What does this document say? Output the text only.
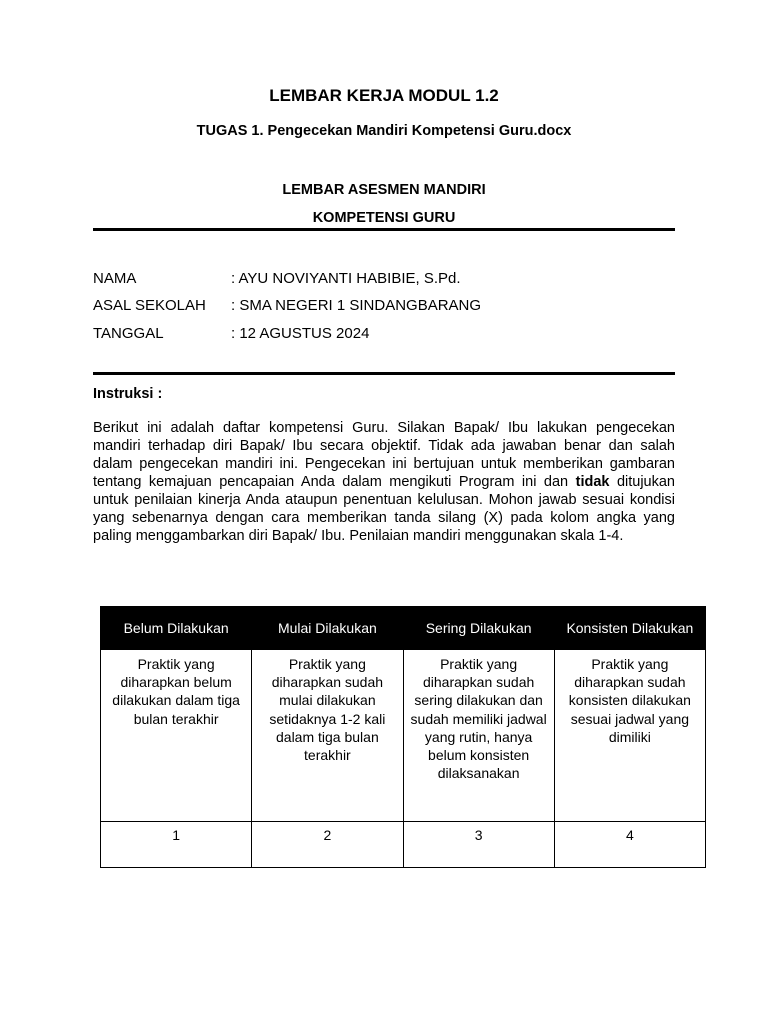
LEMBAR KERJA MODUL 1.2
TUGAS 1. Pengecekan Mandiri Kompetensi Guru.docx
LEMBAR ASESMEN MANDIRI
KOMPETENSI GURU
NAMA	: AYU NOVIYANTI HABIBIE, S.Pd.
ASAL SEKOLAH : SMA NEGERI 1 SINDANGBARANG
TANGGAL	: 12 AGUSTUS 2024
Instruksi :
Berikut ini adalah daftar kompetensi Guru. Silakan Bapak/ Ibu lakukan pengecekan mandiri terhadap diri Bapak/ Ibu secara objektif. Tidak ada jawaban benar dan salah dalam pengecekan mandiri ini. Pengecekan ini bertujuan untuk memberikan gambaran tentang kemajuan pencapaian Anda dalam mengikuti Program ini dan tidak ditujukan untuk penilaian kinerja Anda ataupun penentuan kelulusan. Mohon jawab sesuai kondisi yang sebenarnya dengan cara memberikan tanda silang (X) pada kolom angka yang paling menggambarkan diri Bapak/ Ibu. Penilaian mandiri menggunakan skala 1-4.
Belum Dilakukan	Mulai Dilakukan	Sering Dilakukan	Konsisten Dilakukan
Praktik yang diharapkan belum dilakukan dalam tiga bulan terakhir	Praktik yang diharapkan sudah mulai dilakukan setidaknya 1-2 kali dalam tiga bulan terakhir	Praktik yang diharapkan sudah sering dilakukan dan sudah memiliki jadwal yang rutin, hanya belum konsisten dilaksanakan	Praktik yang diharapkan sudah konsisten dilakukan sesuai jadwal yang dimiliki
1	2	3	4
